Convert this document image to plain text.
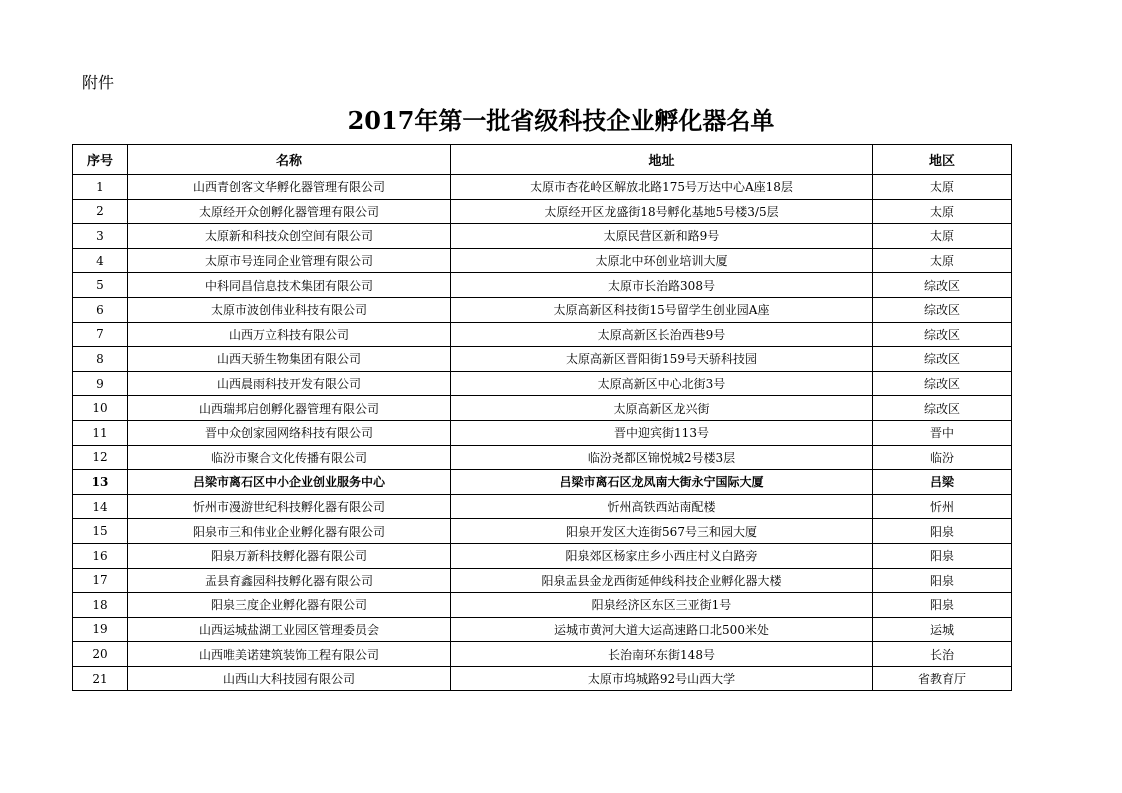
附件
2017年第一批省级科技企业孵化器名单
序号	名称	地址	地区
1	山西青创客文华孵化器管理有限公司	太原市杏花岭区解放北路175号万达中心A座18层	太原
2	太原经开众创孵化器管理有限公司	太原经开区龙盛街18号孵化基地5号楼3/5层	太原
3	太原新和科技众创空间有限公司	太原民营区新和路9号	太原
4	太原市号连同企业管理有限公司	太原北中环创业培训大厦	太原
5	中科同昌信息技术集团有限公司	太原市长治路308号	综改区
6	太原市波创伟业科技有限公司	太原高新区科技街15号留学生创业园A座	综改区
7	山西万立科技有限公司	太原高新区长治西巷9号	综改区
8	山西天骄生物集团有限公司	太原高新区晋阳街159号天骄科技园	综改区
9	山西晨雨科技开发有限公司	太原高新区中心北街3号	综改区
10	山西瑞邦启创孵化器管理有限公司	太原高新区龙兴街	综改区
11	晋中众创家园网络科技有限公司	晋中迎宾街113号	晋中
12	临汾市聚合文化传播有限公司	临汾尧都区锦悦城2号楼3层	临汾
13	吕梁市离石区中小企业创业服务中心	吕梁市离石区龙凤南大街永宁国际大厦	吕梁
14	忻州市漫游世纪科技孵化器有限公司	忻州高铁西站南配楼	忻州
15	阳泉市三和伟业企业孵化器有限公司	阳泉开发区大连街567号三和园大厦	阳泉
16	阳泉万新科技孵化器有限公司	阳泉郊区杨家庄乡小西庄村义白路旁	阳泉
17	盂县育鑫园科技孵化器有限公司	阳泉盂县金龙西街延伸线科技企业孵化器大楼	阳泉
18	阳泉三度企业孵化器有限公司	阳泉经济区东区三亚街1号	阳泉
19	山西运城盐湖工业园区管理委员会	运城市黄河大道大运高速路口北500米处	运城
20	山西唯美诺建筑装饰工程有限公司	长治南环东街148号	长治
21	山西山大科技园有限公司	太原市坞城路92号山西大学	省教育厅
